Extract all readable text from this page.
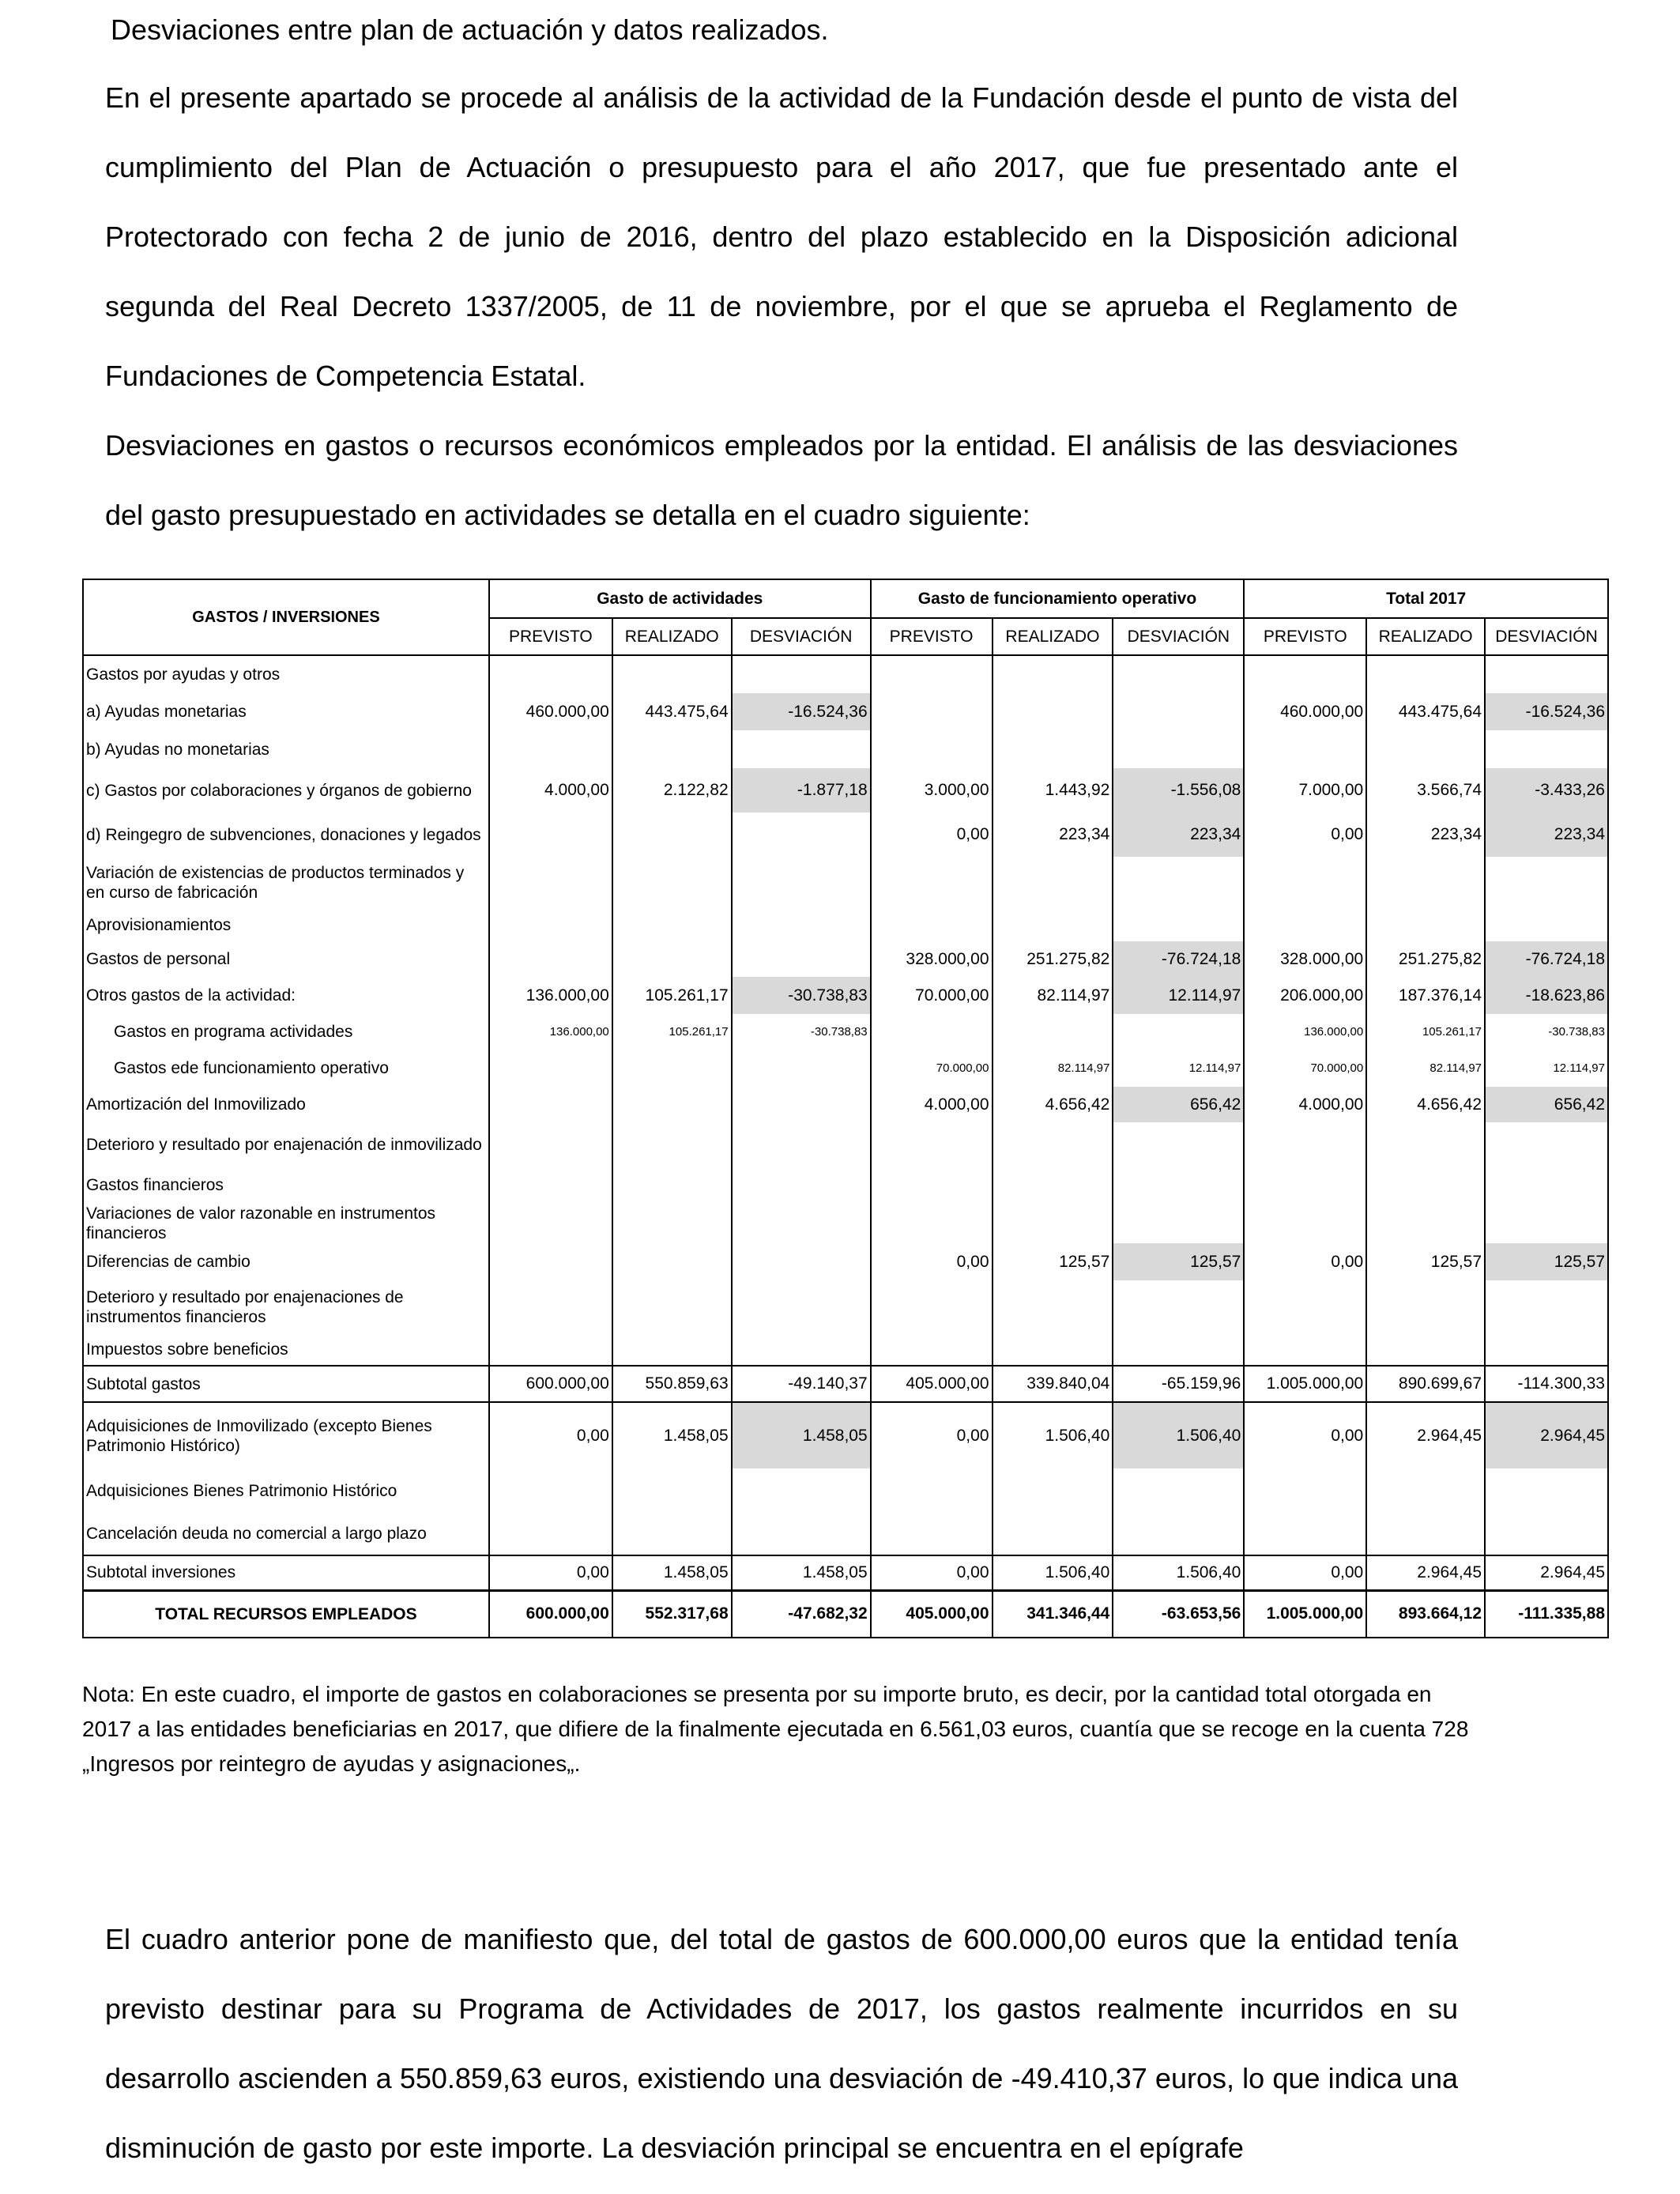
Desviaciones entre plan de actuación y datos realizados.
En el presente apartado se procede al análisis de la actividad de la Fundación desde el punto de vista del cumplimiento del Plan de Actuación o presupuesto para el año 2017, que fue presentado ante el Protectorado con fecha 2 de junio de 2016, dentro del plazo establecido en la Disposición adicional segunda del Real Decreto 1337/2005, de 11 de noviembre, por el que se aprueba el Reglamento de Fundaciones de Competencia Estatal.
Desviaciones en gastos o recursos económicos empleados por la entidad. El análisis de las desviaciones del gasto presupuestado en actividades se detalla en el cuadro siguiente:
GASTOS / INVERSIONES	Gasto de actividades			Gasto de funcionamiento operativo			Total 2017		
	PREVISTO	REALIZADO	DESVIACIÓN	PREVISTO	REALIZADO	DESVIACIÓN	PREVISTO	REALIZADO	DESVIACIÓN
Gastos por ayudas y otros									
a) Ayudas monetarias	460.000,00	443.475,64	-16.524,36				460.000,00	443.475,64	-16.524,36
b) Ayudas no monetarias									
c) Gastos por colaboraciones y órganos de gobierno	4.000,00	2.122,82	-1.877,18	3.000,00	1.443,92	-1.556,08	7.000,00	3.566,74	-3.433,26
d) Reingegro de subvenciones, donaciones y legados				0,00	223,34	223,34	0,00	223,34	223,34
Variación de existencias de productos terminados y en curso de fabricación									
Aprovisionamientos									
Gastos de personal				328.000,00	251.275,82	-76.724,18	328.000,00	251.275,82	-76.724,18
Otros gastos de la actividad:	136.000,00	105.261,17	-30.738,83	70.000,00	82.114,97	12.114,97	206.000,00	187.376,14	-18.623,86
Gastos en programa actividades	136.000,00	105.261,17	-30.738,83				136.000,00	105.261,17	-30.738,83
Gastos ede funcionamiento operativo				70.000,00	82.114,97	12.114,97	70.000,00	82.114,97	12.114,97
Amortización del Inmovilizado				4.000,00	4.656,42	656,42	4.000,00	4.656,42	656,42
Deterioro y resultado por enajenación de inmovilizado									
Gastos financieros									
Variaciones de valor razonable en instrumentos financieros									
Diferencias de cambio				0,00	125,57	125,57	0,00	125,57	125,57
Deterioro y resultado por enajenaciones de instrumentos financieros									
Impuestos sobre beneficios									
Subtotal gastos	600.000,00	550.859,63	-49.140,37	405.000,00	339.840,04	-65.159,96	1.005.000,00	890.699,67	-114.300,33
Adquisiciones de Inmovilizado (excepto Bienes Patrimonio Histórico)	0,00	1.458,05	1.458,05	0,00	1.506,40	1.506,40	0,00	2.964,45	2.964,45
Adquisiciones Bienes Patrimonio Histórico									
Cancelación deuda no comercial a largo plazo									
Subtotal inversiones	0,00	1.458,05	1.458,05	0,00	1.506,40	1.506,40	0,00	2.964,45	2.964,45
TOTAL RECURSOS EMPLEADOS	600.000,00	552.317,68	-47.682,32	405.000,00	341.346,44	-63.653,56	1.005.000,00	893.664,12	-111.335,88
Nota: En este cuadro, el importe de gastos en colaboraciones se presenta por su importe bruto, es decir, por la cantidad total otorgada en 2017 a las entidades beneficiarias en 2017, que difiere de la finalmente ejecutada en 6.561,03 euros, cuantía que se recoge en la cuenta 728 „Ingresos por reintegro de ayudas y asignaciones„.
El cuadro anterior pone de manifiesto que, del total de gastos de 600.000,00 euros que la entidad tenía previsto destinar para su Programa de Actividades de 2017, los gastos realmente incurridos en su desarrollo ascienden a 550.859,63 euros, existiendo una desviación de -49.410,37 euros, lo que indica una disminución de gasto por este importe. La desviación principal se encuentra en el epígrafe
